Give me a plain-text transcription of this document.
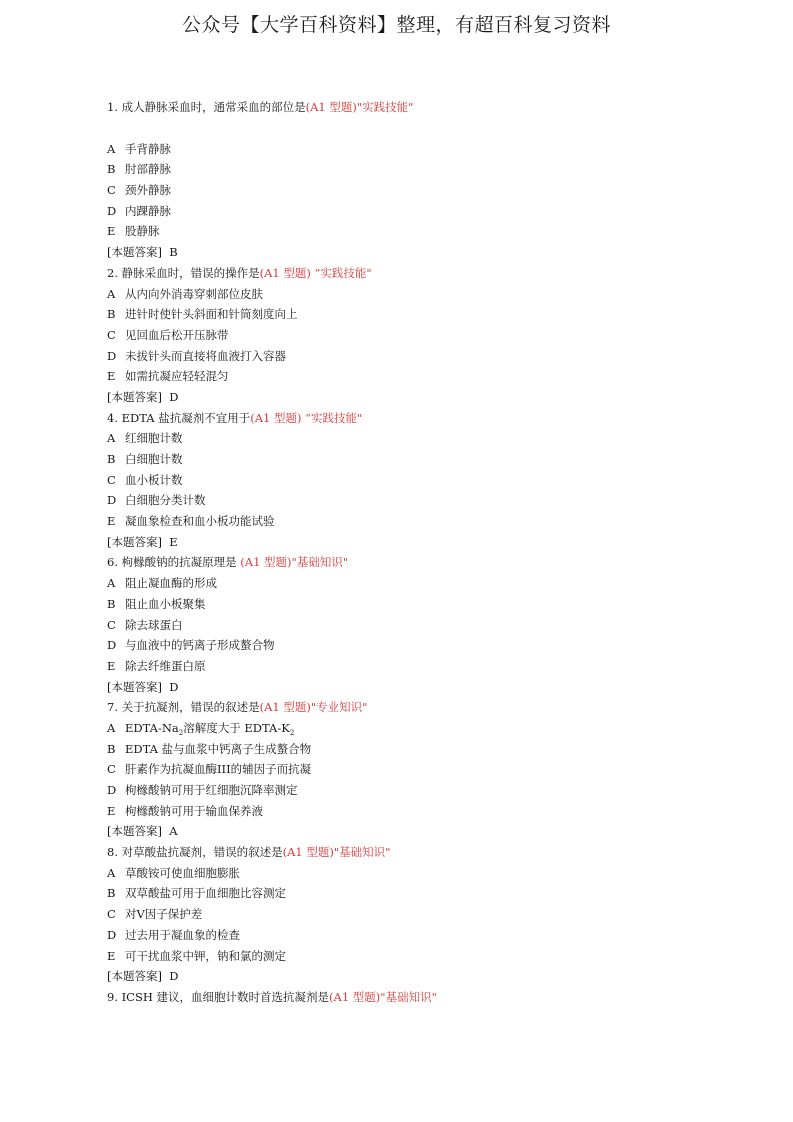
公众号【大学百科资料】整理，有超百科复习资料
1. 成人静脉采血时，通常采血的部位是(A1 型题)"实践技能"
A 手背静脉
B 肘部静脉
C 颈外静脉
D 内踝静脉
E 股静脉
[本题答案] B
2. 静脉采血时，错误的操作是(A1 型题) “实践技能"
A 从内向外消毒穿刺部位皮肤
B 进针时使针头斜面和针筒刻度向上
C 见回血后松开压脉带
D 未拔针头而直接将血液打入容器
E 如需抗凝应轻轻混匀
[本题答案] D
4. EDTA 盐抗凝剂不宜用于(A1 型题) “实践技能"
A 红细胞计数
B 白细胞计数
C 血小板计数
D 白细胞分类计数
E 凝血象检查和血小板功能试验
[本题答案] E
6. 枸橼酸钠的抗凝原理是 (A1 型题)"基础知识"
A 阻止凝血酶的形成
B 阻止血小板聚集
C 除去球蛋白
D 与血液中的钙离子形成螯合物
E 除去纤维蛋白原
[本题答案] D
7. 关于抗凝剂，错误的叙述是(A1 型题)"专业知识"
A EDTA-$Na_2$溶解度大于 EDTA-$K_2$
B EDTA 盐与血浆中钙离子生成螯合物
C 肝素作为抗凝血酶III的辅因子而抗凝
D 枸橼酸钠可用于红细胞沉降率测定
E 枸橼酸钠可用于输血保养液
[本题答案] A
8. 对草酸盐抗凝剂，错误的叙述是(A1 型题)"基础知识"
A 草酸铵可使血细胞膨胀
B 双草酸盐可用于血细胞比容测定
C 对Ⅴ因子保护差
D 过去用于凝血象的检查
E 可干扰血浆中钾，钠和氯的测定
[本题答案] D
9. ICSH 建议，血细胞计数时首选抗凝剂是(A1 型题)"基础知识"
